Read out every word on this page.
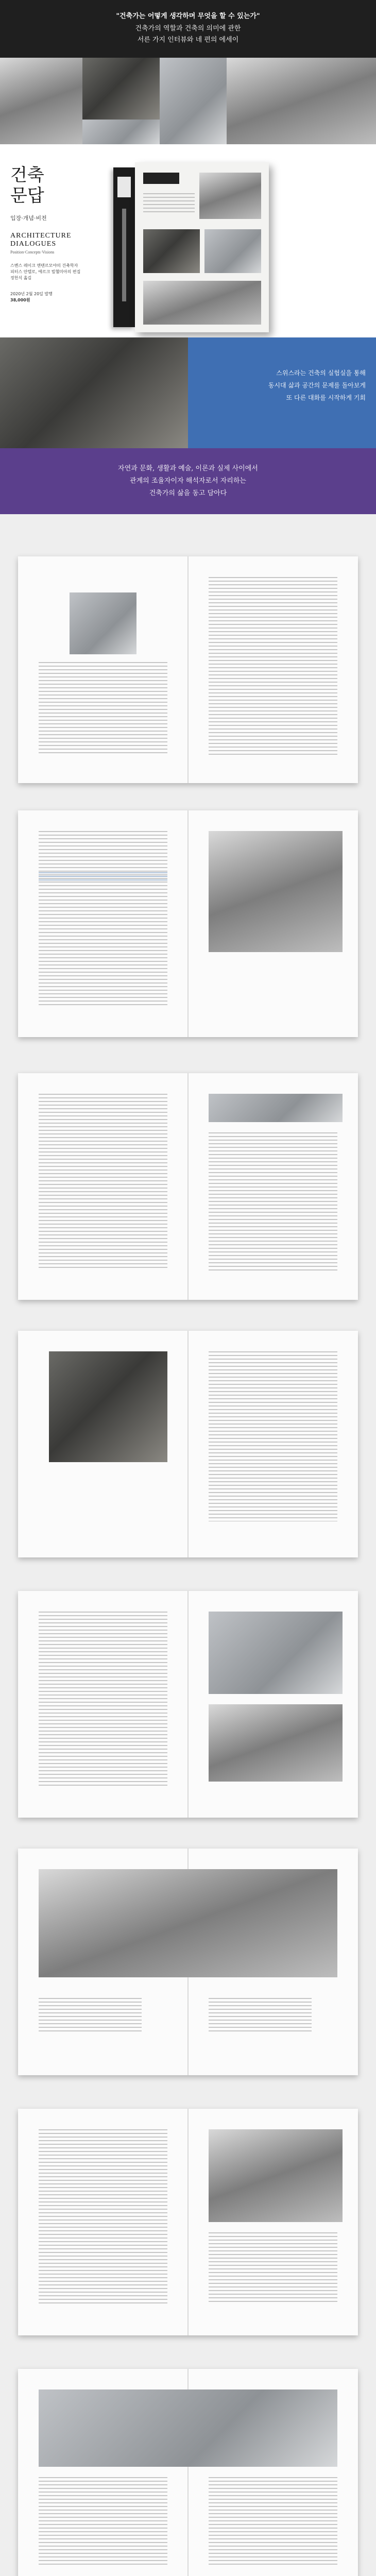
"건축가는 어떻게 생각하며 무엇을 할 수 있는가"
건축가의 역할과 건축의 의미에 관한
서른 가지 인터뷰와 네 편의 에세이
건축
문답
입장·개념·비전
ARCHITECTURE
DIALOGUES
Position·Concepts·Visions
스벤스 레이크 엔텐르모야의 건축학자
피터스 안텔로, 에르크 빌헬미아의 편집
정헌식 옮김
2020년 2월 20일 발행
38,000원
스위스라는 건축의 실험실을 통해
동시대 삶과 공간의 문제를 돌아보게
또 다른 대화를 시작하게 기회
자연과 문화, 생활과 예술, 이론과 실제 사이에서
관계의 조율자이자 해석자로서 자리하는
건축가의 삶을 동고 담아다
